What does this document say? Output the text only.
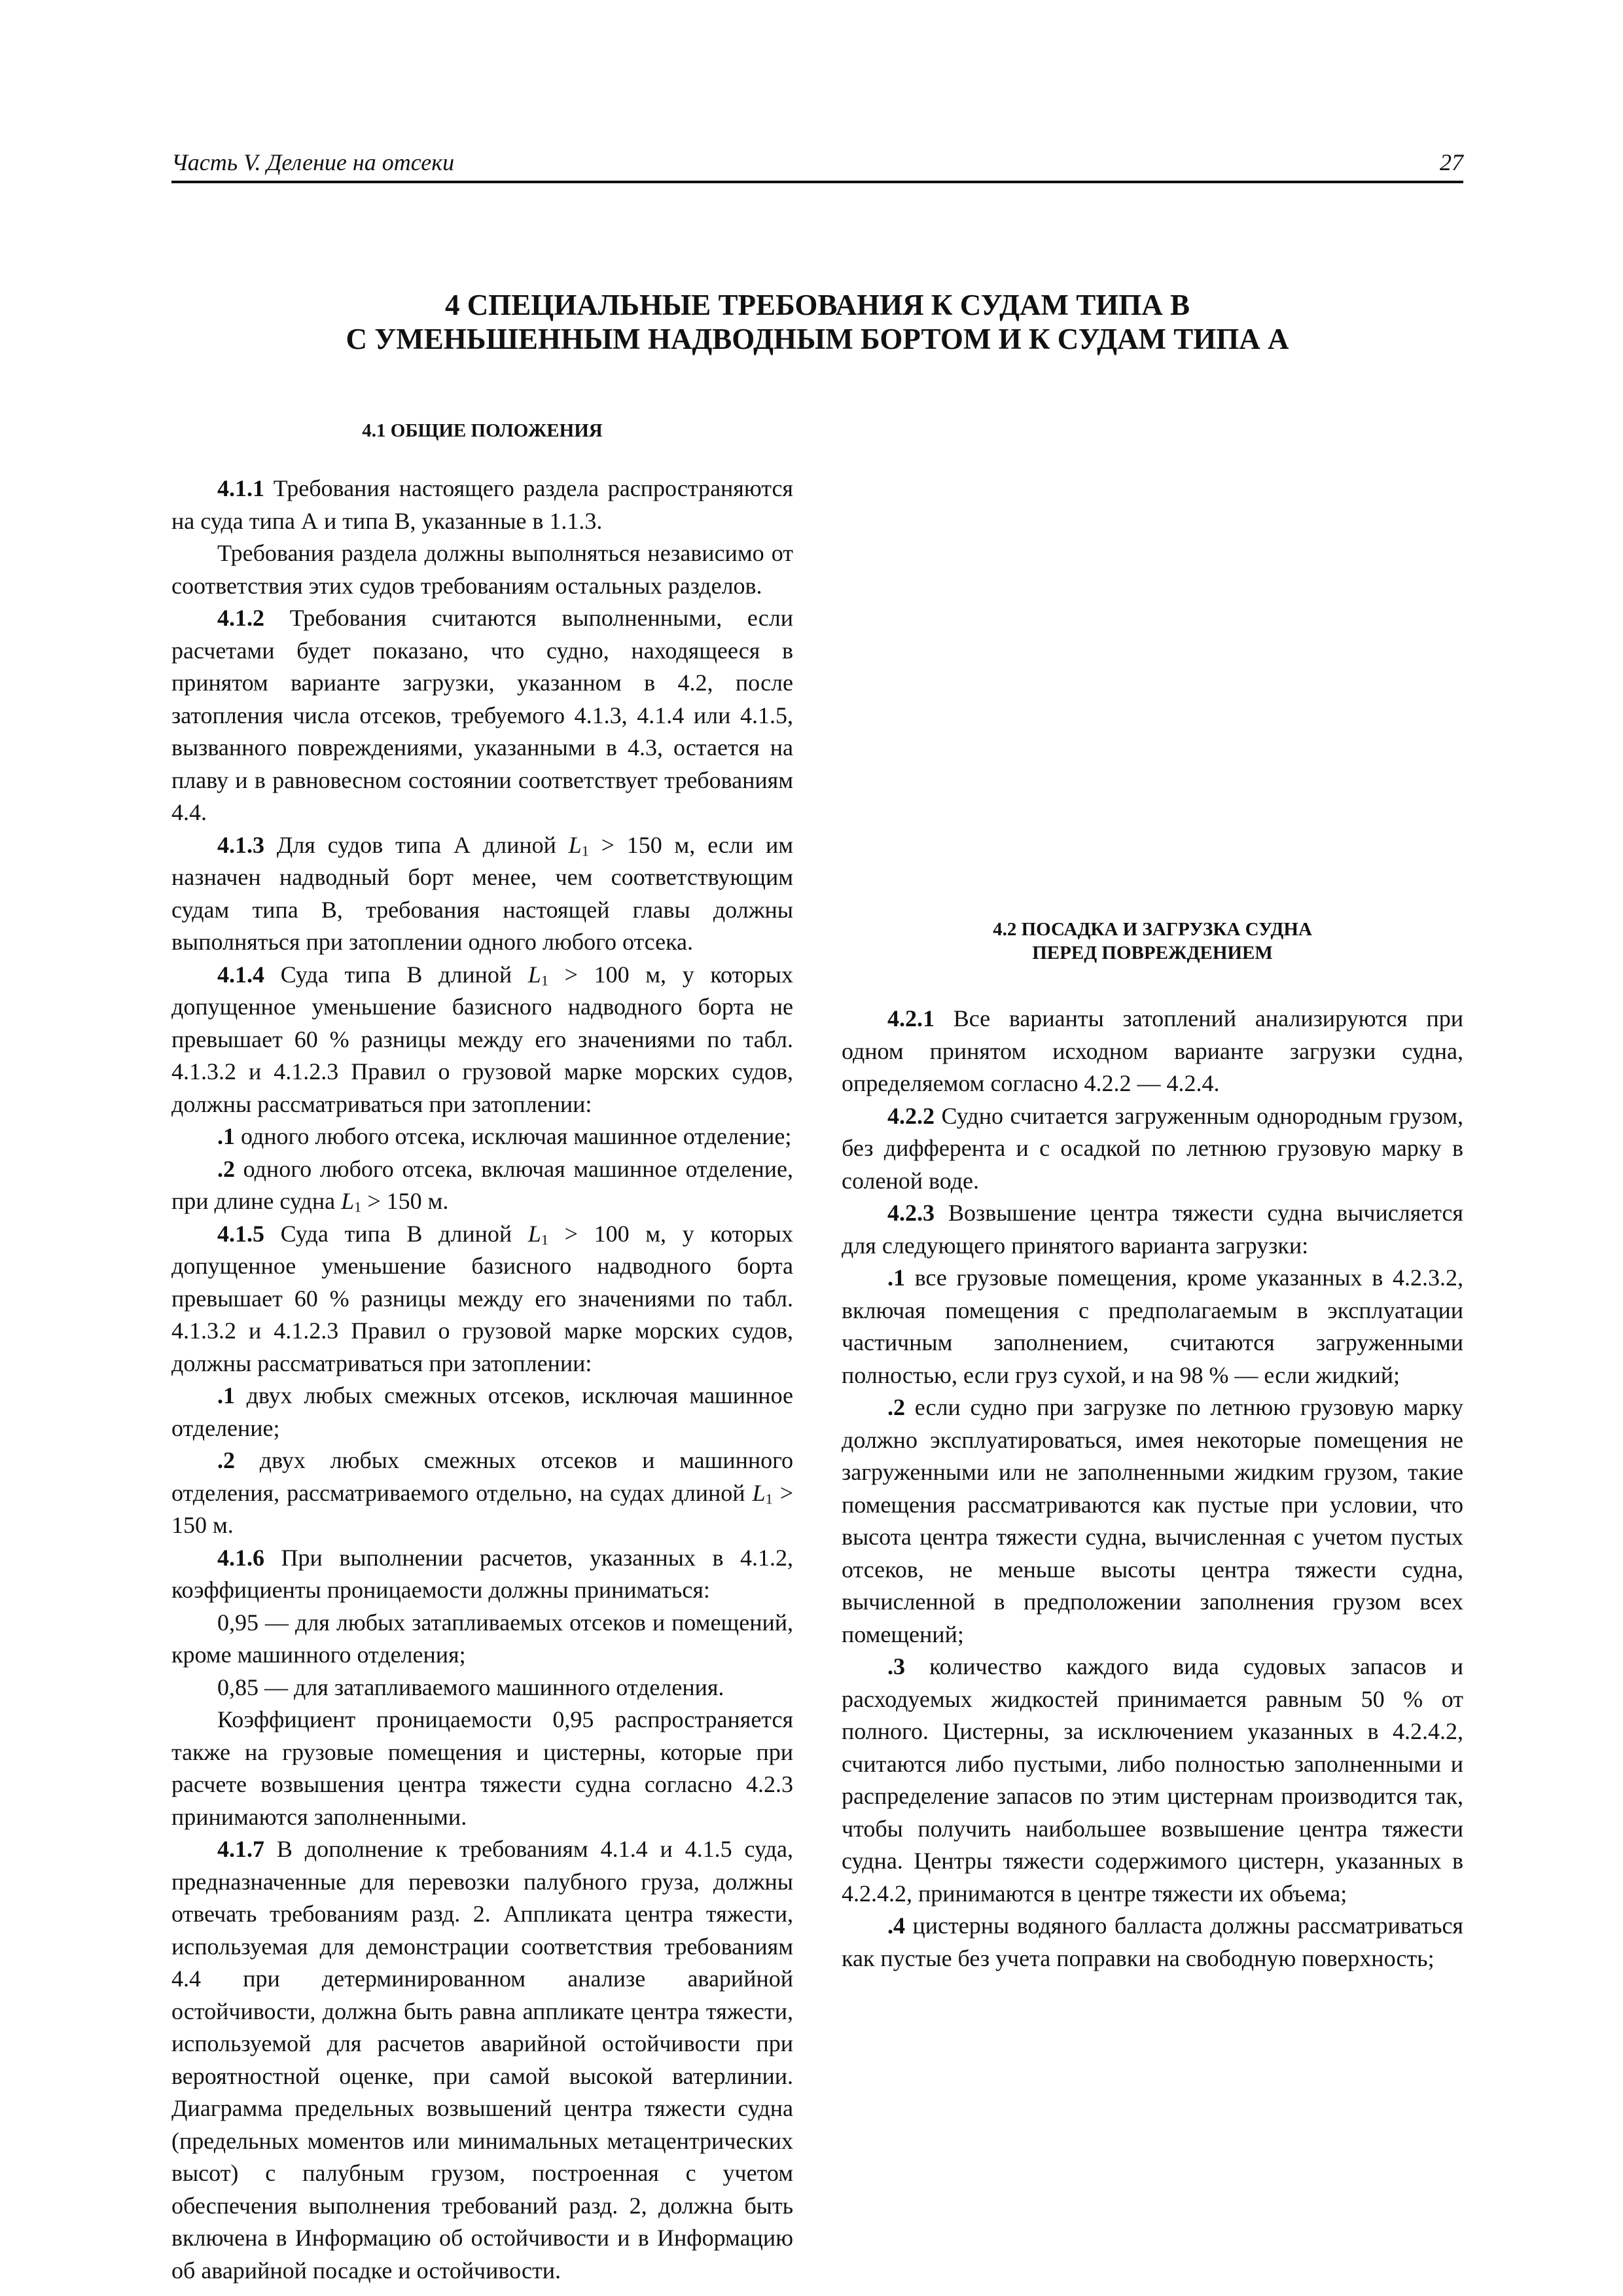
Часть V. Деление на отсеки	27
4 СПЕЦИАЛЬНЫЕ ТРЕБОВАНИЯ К СУДАМ ТИПА В
С УМЕНЬШЕННЫМ НАДВОДНЫМ БОРТОМ И К СУДАМ ТИПА А
4.1 ОБЩИЕ ПОЛОЖЕНИЯ

4.1.1 Требования настоящего раздела распространяются на суда типа А и типа В, указанные в 1.1.3.

Требования раздела должны выполняться независимо от соответствия этих судов требованиям остальных разделов.

4.1.2 Требования считаются выполненными, если расчетами будет показано, что судно, находящееся в принятом варианте загрузки, указанном в 4.2, после затопления числа отсеков, требуемого 4.1.3, 4.1.4 или 4.1.5, вызванного повреждениями, указанными в 4.3, остается на плаву и в равновесном состоянии соответствует требованиям 4.4.

4.1.3 Для судов типа А длиной $L_1 > 150$ м, если им назначен надводный борт менее, чем соответствующим судам типа В, требования настоящей главы должны выполняться при затоплении одного любого отсека.

4.1.4 Суда типа В длиной $L_1 > 100$ м, у которых допущенное уменьшение базисного надводного борта не превышает 60 % разницы между его значениями по табл. 4.1.3.2 и 4.1.2.3 Правил о грузовой марке морских судов, должны рассматриваться при затоплении:

.1 одного любого отсека, исключая машинное отделение;

.2 одного любого отсека, включая машинное отделение, при длине судна $L_1 > 150$ м.

4.1.5 Суда типа В длиной $L_1 > 100$ м, у которых допущенное уменьшение базисного надводного борта превышает 60 % разницы между его значениями по табл. 4.1.3.2 и 4.1.2.3 Правил о грузовой марке морских судов, должны рассматриваться при затоплении:

.1 двух любых смежных отсеков, исключая машинное отделение;

.2 двух любых смежных отсеков и машинного отделения, рассматриваемого отдельно, на судах длиной $L_1 > 150$ м.

4.1.6 При выполнении расчетов, указанных в 4.1.2, коэффициенты проницаемости должны приниматься:

0,95 — для любых затапливаемых отсеков и помещений, кроме машинного отделения;

0,85 — для затапливаемого машинного отделения.

Коэффициент проницаемости 0,95 распространяется также на грузовые помещения и цистерны, которые при расчете возвышения центра тяжести судна согласно 4.2.3 принимаются заполненными.

4.1.7 В дополнение к требованиям 4.1.4 и 4.1.5 суда, предназначенные для перевозки палубного груза, должны отвечать требованиям разд. 2. Аппликата центра тяжести, используемая для демонстрации соответствия требованиям 4.4 при детерминированном анализе аварийной остойчивости, должна быть равна аппликате центра тяжести, используемой для расчетов аварийной остойчивости при вероятностной оценке, при самой высокой ватерлинии. Диаграмма предельных возвышений центра тяжести судна (предельных моментов или минимальных метацентрических высот) с палубным грузом, построенная с учетом обеспечения выполнения требований разд. 2, должна быть включена в Информацию об остойчивости и в Информацию об аварийной посадке и остойчивости.

4.2 ПОСАДКА И ЗАГРУЗКА СУДНА
ПЕРЕД ПОВРЕЖДЕНИЕМ

4.2.1 Все варианты затоплений анализируются при одном принятом исходном варианте загрузки судна, определяемом согласно 4.2.2 — 4.2.4.

4.2.2 Судно считается загруженным однородным грузом, без дифферента и с осадкой по летнюю грузовую марку в соленой воде.

4.2.3 Возвышение центра тяжести судна вычисляется для следующего принятого варианта загрузки:

.1 все грузовые помещения, кроме указанных в 4.2.3.2, включая помещения с предполагаемым в эксплуатации частичным заполнением, считаются загруженными полностью, если груз сухой, и на 98 % — если жидкий;

.2 если судно при загрузке по летнюю грузовую марку должно эксплуатироваться, имея некоторые помещения не загруженными или не заполненными жидким грузом, такие помещения рассматриваются как пустые при условии, что высота центра тяжести судна, вычисленная с учетом пустых отсеков, не меньше высоты центра тяжести судна, вычисленной в предположении заполнения грузом всех помещений;

.3 количество каждого вида судовых запасов и расходуемых жидкостей принимается равным 50 % от полного. Цистерны, за исключением указанных в 4.2.4.2, считаются либо пустыми, либо полностью заполненными и распределение запасов по этим цистернам производится так, чтобы получить наибольшее возвышение центра тяжести судна. Центры тяжести содержимого цистерн, указанных в 4.2.4.2, принимаются в центре тяжести их объема;

.4 цистерны водяного балласта должны рассматриваться как пустые без учета поправки на свободную поверхность;
